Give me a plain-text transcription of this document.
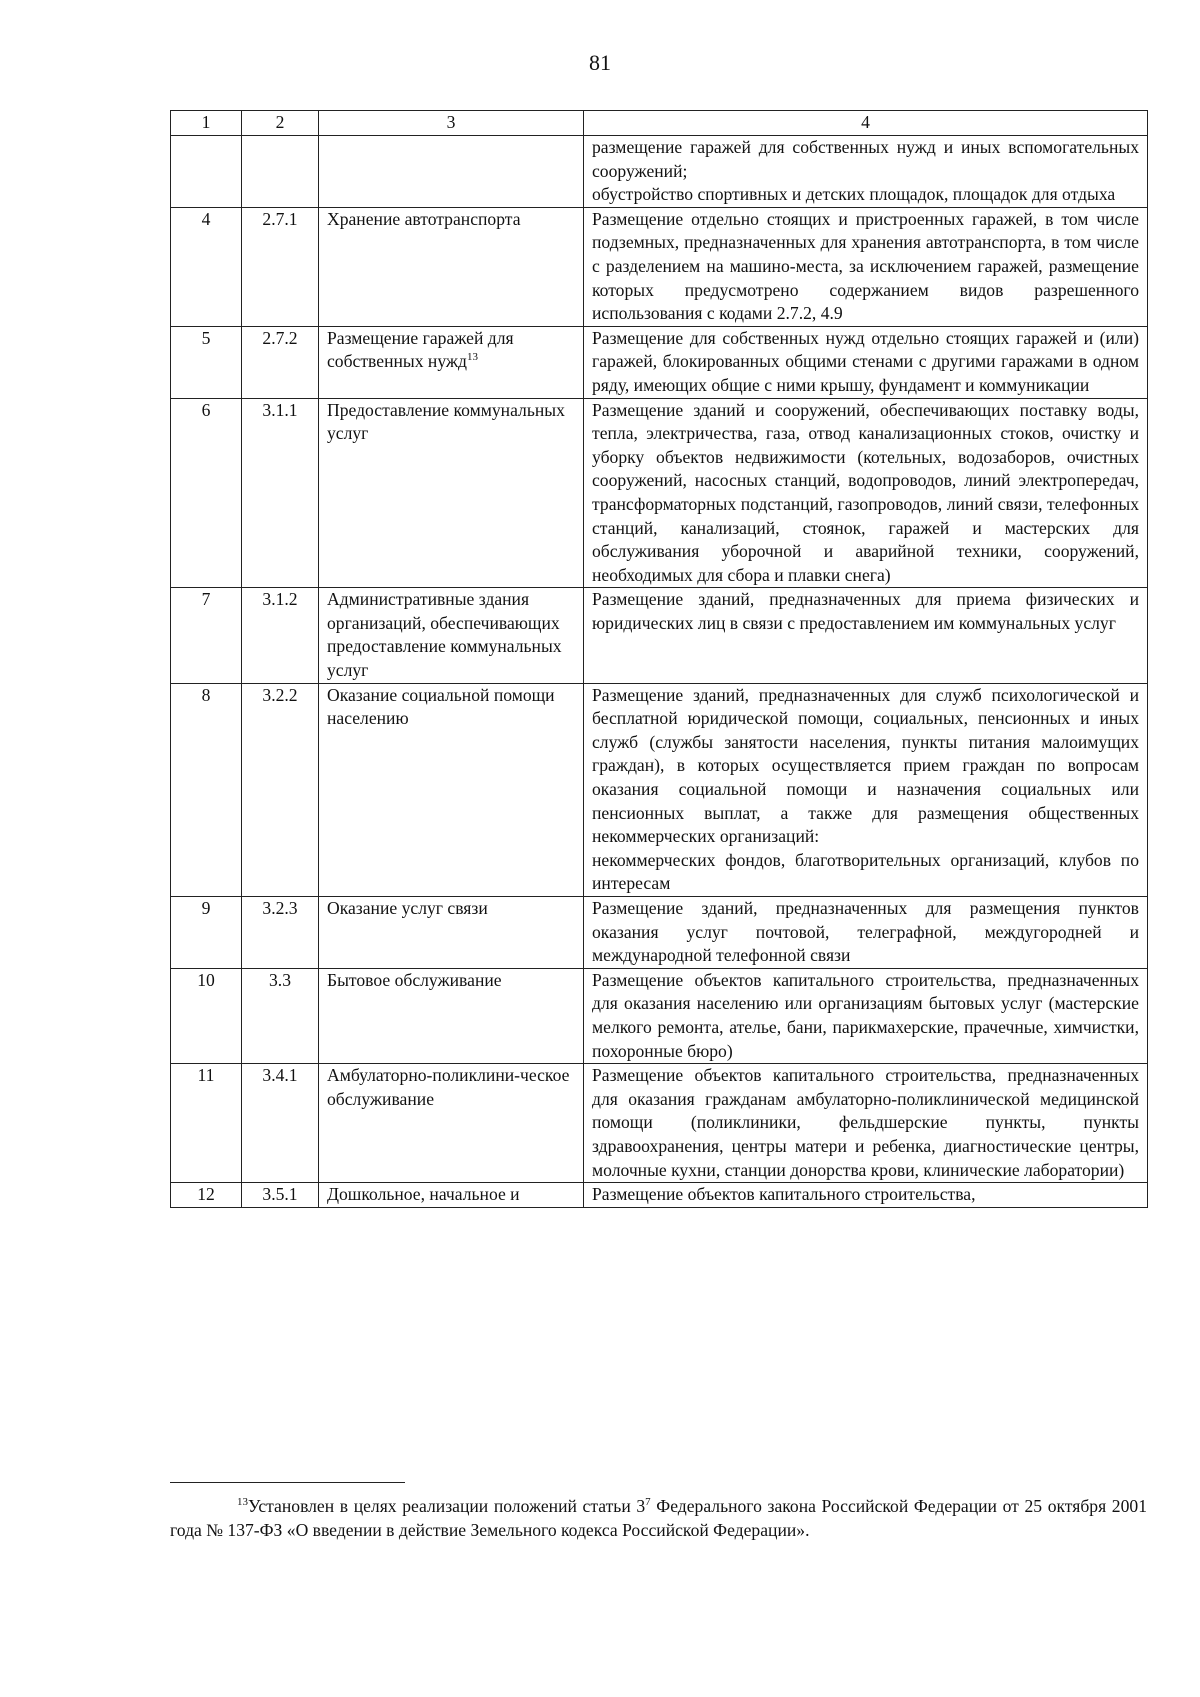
81
1	2	3	4

			размещение гаражей для собственных нужд и иных вспомогательных сооружений;

обустройство спортивных и детских площадок, площадок для отдыха

4	2.7.1	Хранение автотранспорта	Размещение отдельно стоящих и пристроенных гаражей, в том числе подземных, предназначенных для хранения автотранспорта, в том числе с разделением на машино-места, за исключением гаражей, размещение которых предусмотрено содержанием видов разрешенного использования с кодами 2.7.2, 4.9

5	2.7.2	Размещение гаражей для собственных нужд$^{13}$	Размещение для собственных нужд отдельно стоящих гаражей и (или) гаражей, блокированных общими стенами с другими гаражами в одном ряду, имеющих общие с ними крышу, фундамент и коммуникации

6	3.1.1	Предоставление коммунальных услуг	Размещение зданий и сооружений, обеспечивающих поставку воды, тепла, электричества, газа, отвод канализационных стоков, очистку и уборку объектов недвижимости (котельных, водозаборов, очистных сооружений, насосных станций, водопроводов, линий электропередач, трансформаторных подстанций, газопроводов, линий связи, телефонных станций, канализаций, стоянок, гаражей и мастерских для обслуживания уборочной и аварийной техники, сооружений, необходимых для сбора и плавки снега)

7	3.1.2	Административные здания организаций, обеспечивающих предоставление коммунальных услуг	Размещение зданий, предназначенных для приема физических и юридических лиц в связи с предоставлением им коммунальных услуг

8	3.2.2	Оказание социальной помощи населению	Размещение зданий, предназначенных для служб психологической и бесплатной юридической помощи, социальных, пенсионных и иных служб (службы занятости населения, пункты питания малоимущих граждан), в которых осуществляется прием граждан по вопросам оказания социальной помощи и назначения социальных или пенсионных выплат, а также для размещения общественных некоммерческих организаций:

некоммерческих фондов, благотворительных организаций, клубов по интересам

9	3.2.3	Оказание услуг связи	Размещение зданий, предназначенных для размещения пунктов оказания услуг почтовой, телеграфной, междугородней и международной телефонной связи

10	3.3	Бытовое обслуживание	Размещение объектов капитального строительства, предназначенных для оказания населению или организациям бытовых услуг (мастерские мелкого ремонта, ателье, бани, парикмахерские, прачечные, химчистки, похоронные бюро)

11	3.4.1	Амбулаторно-поликлини-ческое обслуживание	Размещение объектов капитального строительства, предназначенных для оказания гражданам амбулаторно-поликлинической медицинской помощи (поликлиники, фельдшерские пункты, пункты здравоохранения, центры матери и ребенка, диагностические центры, молочные кухни, станции донорства крови, клинические лаборатории)

12	3.5.1	Дошкольное, начальное и	Размещение объектов капитального строительства,

$^{13}$Установлен в целях реализации положений статьи $3^7$ Федерального закона Российской Федерации от 25 октября 2001 года № 137-ФЗ «О введении в действие Земельного кодекса Российской Федерации».
